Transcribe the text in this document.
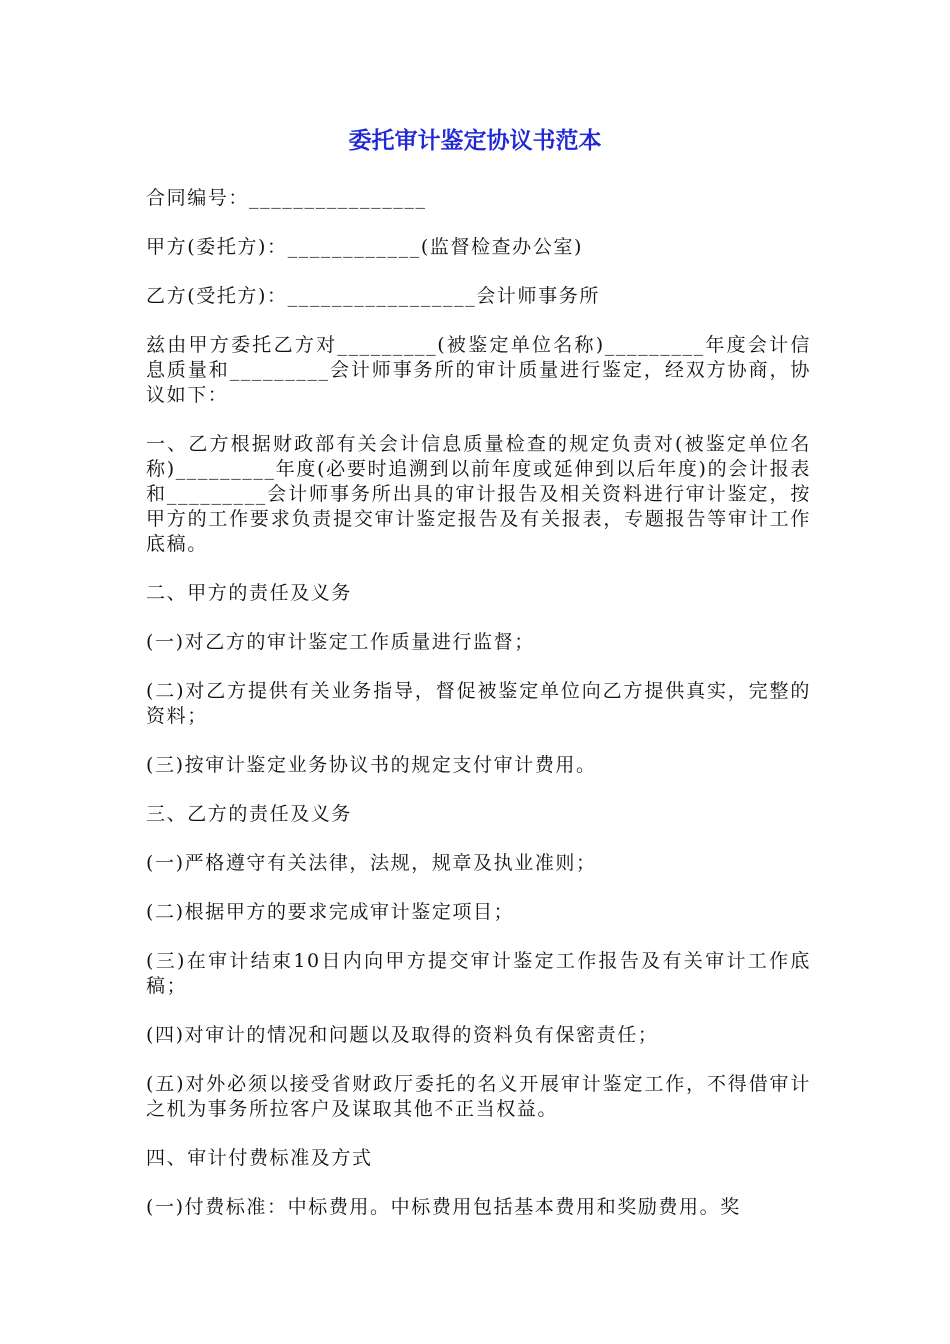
委托审计鉴定协议书范本

合同编号：________________

甲方(委托方)：____________(监督检查办公室)

乙方(受托方)：_________________会计师事务所

兹由甲方委托乙方对_________(被鉴定单位名称)_________年度会计信息质量和_________会计师事务所的审计质量进行鉴定，经双方协商，协议如下：

一、乙方根据财政部有关会计信息质量检查的规定负责对(被鉴定单位名称)_________年度(必要时追溯到以前年度或延伸到以后年度)的会计报表和_________会计师事务所出具的审计报告及相关资料进行审计鉴定，按甲方的工作要求负责提交审计鉴定报告及有关报表，专题报告等审计工作底稿。

二、甲方的责任及义务

(一)对乙方的审计鉴定工作质量进行监督；

(二)对乙方提供有关业务指导，督促被鉴定单位向乙方提供真实，完整的资料；

(三)按审计鉴定业务协议书的规定支付审计费用。

三、乙方的责任及义务

(一)严格遵守有关法律，法规，规章及执业准则；

(二)根据甲方的要求完成审计鉴定项目；

(三)在审计结束10日内向甲方提交审计鉴定工作报告及有关审计工作底稿；

(四)对审计的情况和问题以及取得的资料负有保密责任；

(五)对外必须以接受省财政厅委托的名义开展审计鉴定工作，不得借审计之机为事务所拉客户及谋取其他不正当权益。

四、审计付费标准及方式

(一)付费标准：中标费用。中标费用包括基本费用和奖励费用。奖
